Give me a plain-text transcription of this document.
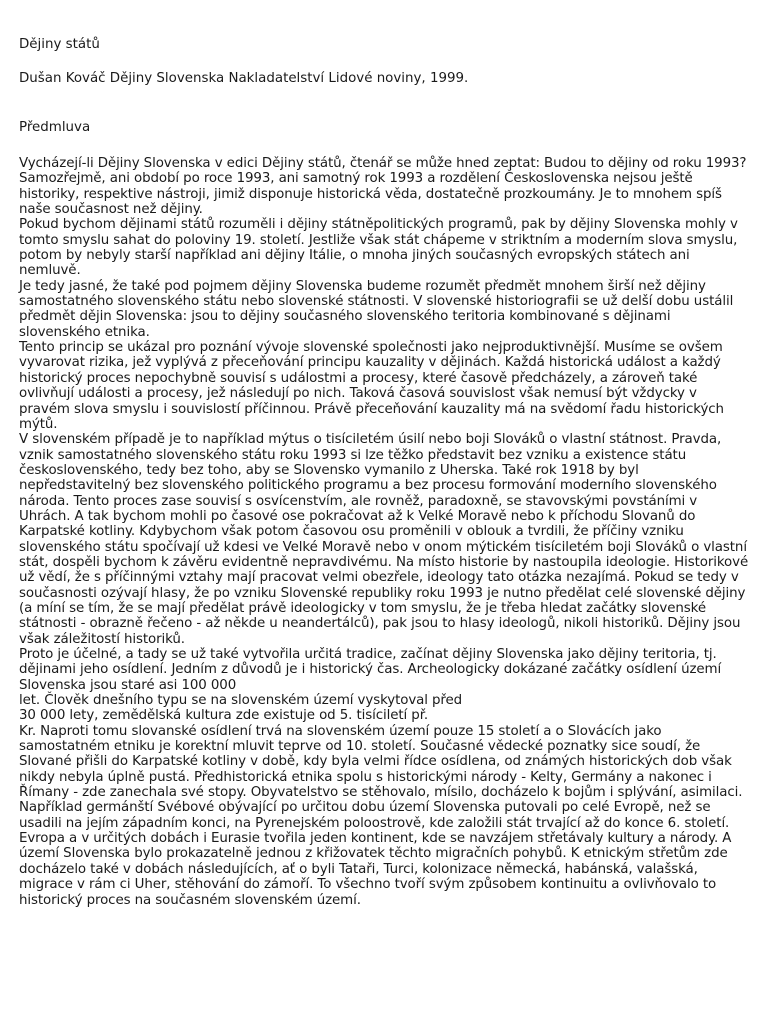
Dějiny států
Dušan Kováč Dějiny Slovenska Nakladatelství Lidové noviny, 1999.
Předmluva

Vycházejí-li Dějiny Slovenska v edici Dějiny států, čtenář se může hned zeptat: Budou to dějiny od roku 1993? Samozřejmě, ani období po roce 1993, ani samotný rok 1993 a rozdělení Československa nejsou ještě historiky, respektive nástroji, jimiž disponuje historická věda, dostatečně prozkoumány. Je to mnohem spíš naše současnost než dějiny.

Pokud bychom dějinami států rozuměli i dějiny státněpolitických programů, pak by dějiny Slovenska mohly v tomto smyslu sahat do poloviny 19. století. Jestliže však stát chápeme v striktním a moderním slova smyslu, potom by nebyly starší například ani dějiny Itálie, o mnoha jiných současných evropských státech ani nemluvě.

Je tedy jasné, že také pod pojmem dějiny Slovenska budeme rozumět předmět mnohem širší než dějiny samostatného slovenského státu nebo slovenské státnosti. V slovenské historiografii se už delší dobu ustálil předmět dějin Slovenska: jsou to dějiny současného slovenského teritoria kombinované s dějinami slovenského etnika.

Tento princip se ukázal pro poznání vývoje slovenské společnosti jako nejproduktivnější. Musíme se ovšem vyvarovat rizika, jež vyplývá z přeceňování principu kauzality v dějinách. Každá historická událost a každý historický proces nepochybně souvisí s událostmi a procesy, které časově předcházely, a zároveň také ovlivňují události a procesy, jež následují po nich. Taková časová souvislost však nemusí být vždycky v pravém slova smyslu i souvislostí příčinnou. Právě přeceňování kauzality má na svědomí řadu historických mýtů.

V slovenském případě je to například mýtus o tisíciletém úsilí nebo boji Slováků o vlastní státnost. Pravda, vznik samostatného slovenského státu roku 1993 si lze těžko představit bez vzniku a existence státu československého, tedy bez toho, aby se Slovensko vymanilo z Uherska. Také rok 1918 by byl nepředstavitelný bez slovenského politického programu a bez procesu formování moderního slovenského národa. Tento proces zase souvisí s osvícenstvím, ale rovněž, paradoxně, se stavovskými povstáními v Uhrách. A tak bychom mohli po časové ose pokračovat až k Velké Moravě nebo k příchodu Slovanů do Karpatské kotliny. Kdybychom však potom časovou osu proměnili v oblouk a tvrdili, že příčiny vzniku slovenského státu spočívají už kdesi ve Velké Moravě nebo v onom mýtickém tisíciletém boji Slováků o vlastní stát, dospěli bychom k závěru evidentně nepravdivému. Na místo historie by nastoupila ideologie. Historikové už vědí, že s příčinnými vztahy mají pracovat velmi obezřele, ideology tato otázka nezajímá. Pokud se tedy v současnosti ozývají hlasy, že po vzniku Slovenské republiky roku 1993 je nutno předělat celé slovenské dějiny (a míní se tím, že se mají předělat právě ideologicky v tom smyslu, že je třeba hledat začátky slovenské státnosti - obrazně řečeno - až někde u neandertálců), pak jsou to hlasy ideologů, nikoli historiků. Dějiny jsou však záležitostí historiků.

Proto je účelné, a tady se už také vytvořila určitá tradice, začínat dějiny Slovenska jako dějiny teritoria, tj. dějinami jeho osídlení. Jedním z důvodů je i historický čas. Archeologicky dokázané začátky osídlení území Slovenska jsou staré asi 100 000

let. Člověk dnešního typu se na slovenském území vyskytoval před

30 000 lety, zemědělská kultura zde existuje od 5. tisíciletí př.

Kr. Naproti tomu slovanské osídlení trvá na slovenském území pouze 15 století a o Slovácích jako samostatném etniku je korektní mluvit teprve od 10. století. Současné vědecké poznatky sice soudí, že Slované přišli do Karpatské kotliny v době, kdy byla velmi řídce osídlena, od známých historických dob však nikdy nebyla úplně pustá. Předhistorická etnika spolu s historickými národy - Kelty, Germány a nakonec i Římany - zde zanechala své stopy. Obyvatelstvo se stěhovalo, mísilo, docházelo k bojům i splývání, asimilaci. Například germánští Svébové obývající po určitou dobu území Slovenska putovali po celé Evropě, než se usadili na jejím západním konci, na Pyrenejském poloostrově, kde založili stát trvající až do konce 6. století. Evropa a v určitých dobách i Eurasie tvořila jeden kontinent, kde se navzájem střetávaly kultury a národy. A území Slovenska bylo prokazatelně jednou z křižovatek těchto migračních pohybů. K etnickým střetům zde docházelo také v dobách následujících, ať o byli Tataři, Turci, kolonizace německá, habánská, valašská, migrace v rám ci Uher, stěhování do zámoří. To všechno tvoří svým způsobem kontinuitu a ovlivňovalo to historický proces na současném slovenském území.
